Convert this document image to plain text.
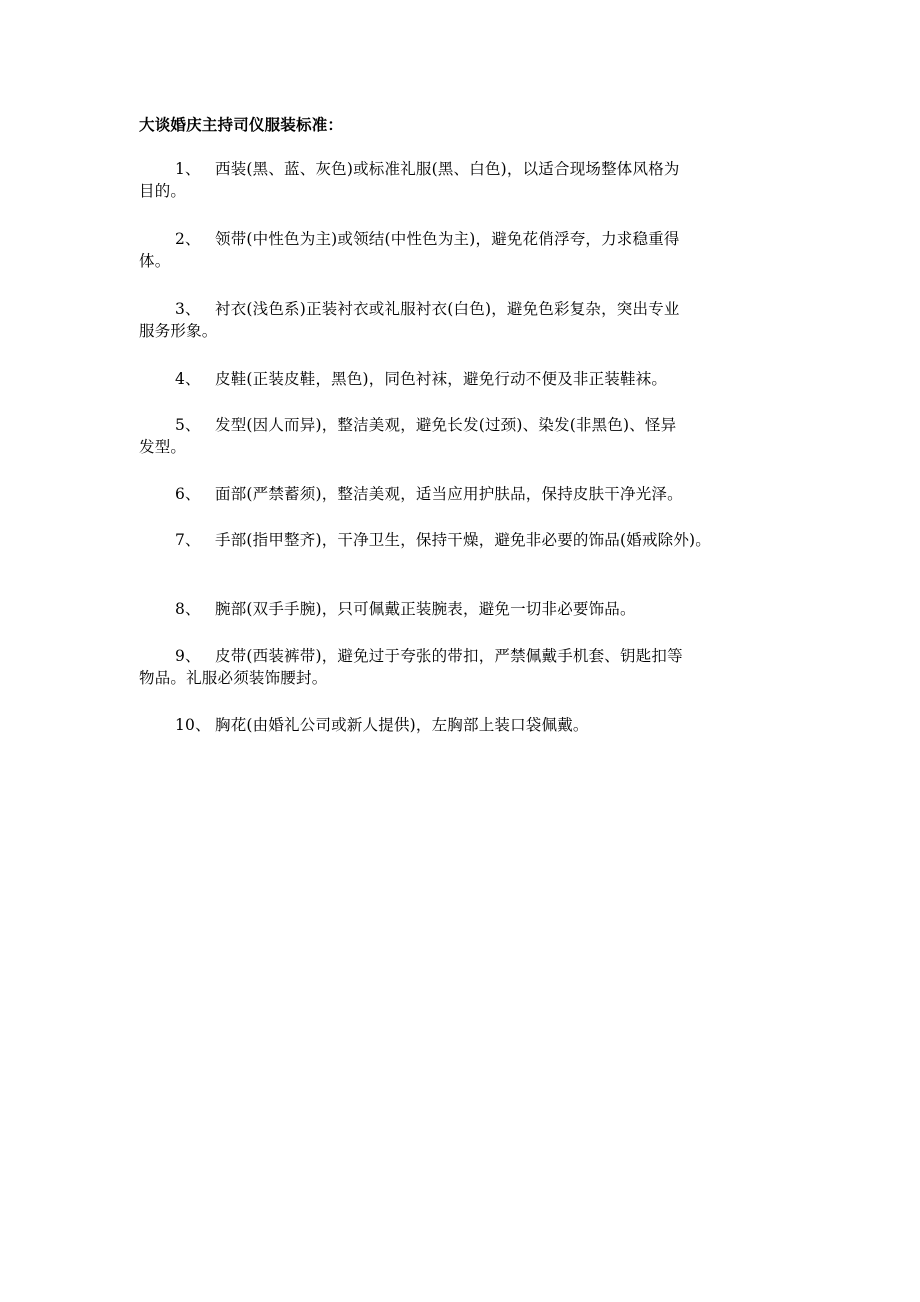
大谈婚庆主持司仪服装标准：
1、 西装(黑、蓝、灰色)或标准礼服(黑、白色)，以适合现场整体风格为
目的。
2、 领带(中性色为主)或领结(中性色为主)，避免花俏浮夸，力求稳重得
体。
3、 衬衣(浅色系)正装衬衣或礼服衬衣(白色)，避免色彩复杂，突出专业
服务形象。
4、 皮鞋(正装皮鞋，黑色)，同色衬袜，避免行动不便及非正装鞋袜。
5、 发型(因人而异)，整洁美观，避免长发(过颈)、染发(非黑色)、怪异
发型。
6、 面部(严禁蓄须)，整洁美观，适当应用护肤品，保持皮肤干净光泽。
7、 手部(指甲整齐)，干净卫生，保持干燥，避免非必要的饰品(婚戒除外)。
8、 腕部(双手手腕)，只可佩戴正装腕表，避免一切非必要饰品。
9、 皮带(西装裤带)，避免过于夸张的带扣，严禁佩戴手机套、钥匙扣等
物品。礼服必须装饰腰封。
10、 胸花(由婚礼公司或新人提供)，左胸部上装口袋佩戴。
